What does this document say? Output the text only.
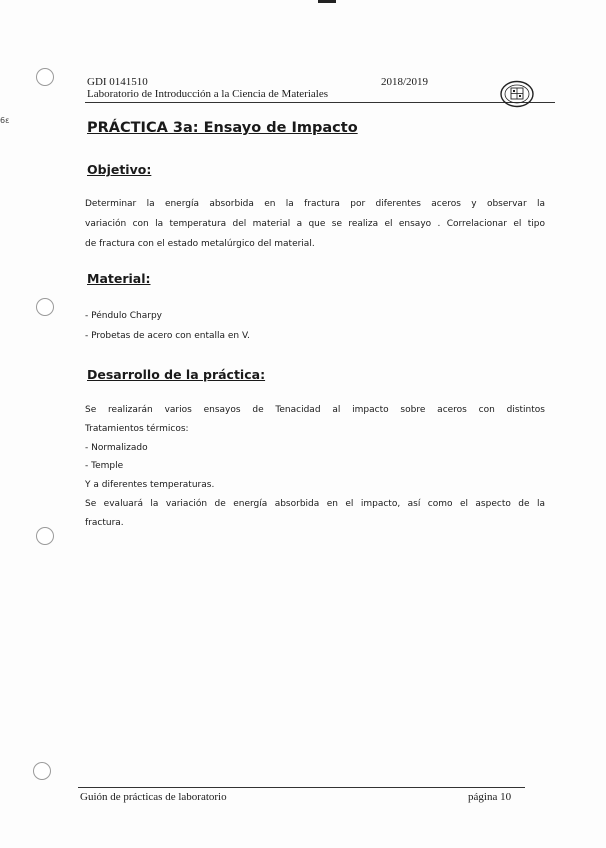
6ɛ
GDI 0141510	2018/2019
Laboratorio de Introducción a la Ciencia de Materiales
PRÁCTICA 3a: Ensayo de Impacto
Objetivo:
Determinar la energía absorbida en la fractura por diferentes aceros y observar la
variación con la temperatura del material a que se realiza el ensayo . Correlacionar el tipo
de fractura con el estado metalúrgico del material.
Material:
- Péndulo Charpy
- Probetas de acero con entalla en V.
Desarrollo de la práctica:
Se realizarán varios ensayos de Tenacidad al impacto sobre aceros con distintos
Tratamientos térmicos:
- Normalizado
- Temple
Y a diferentes temperaturas.
Se evaluará la variación de energía absorbida en el impacto, así como el aspecto de la
fractura.
Guión de prácticas de laboratorio	página 10
